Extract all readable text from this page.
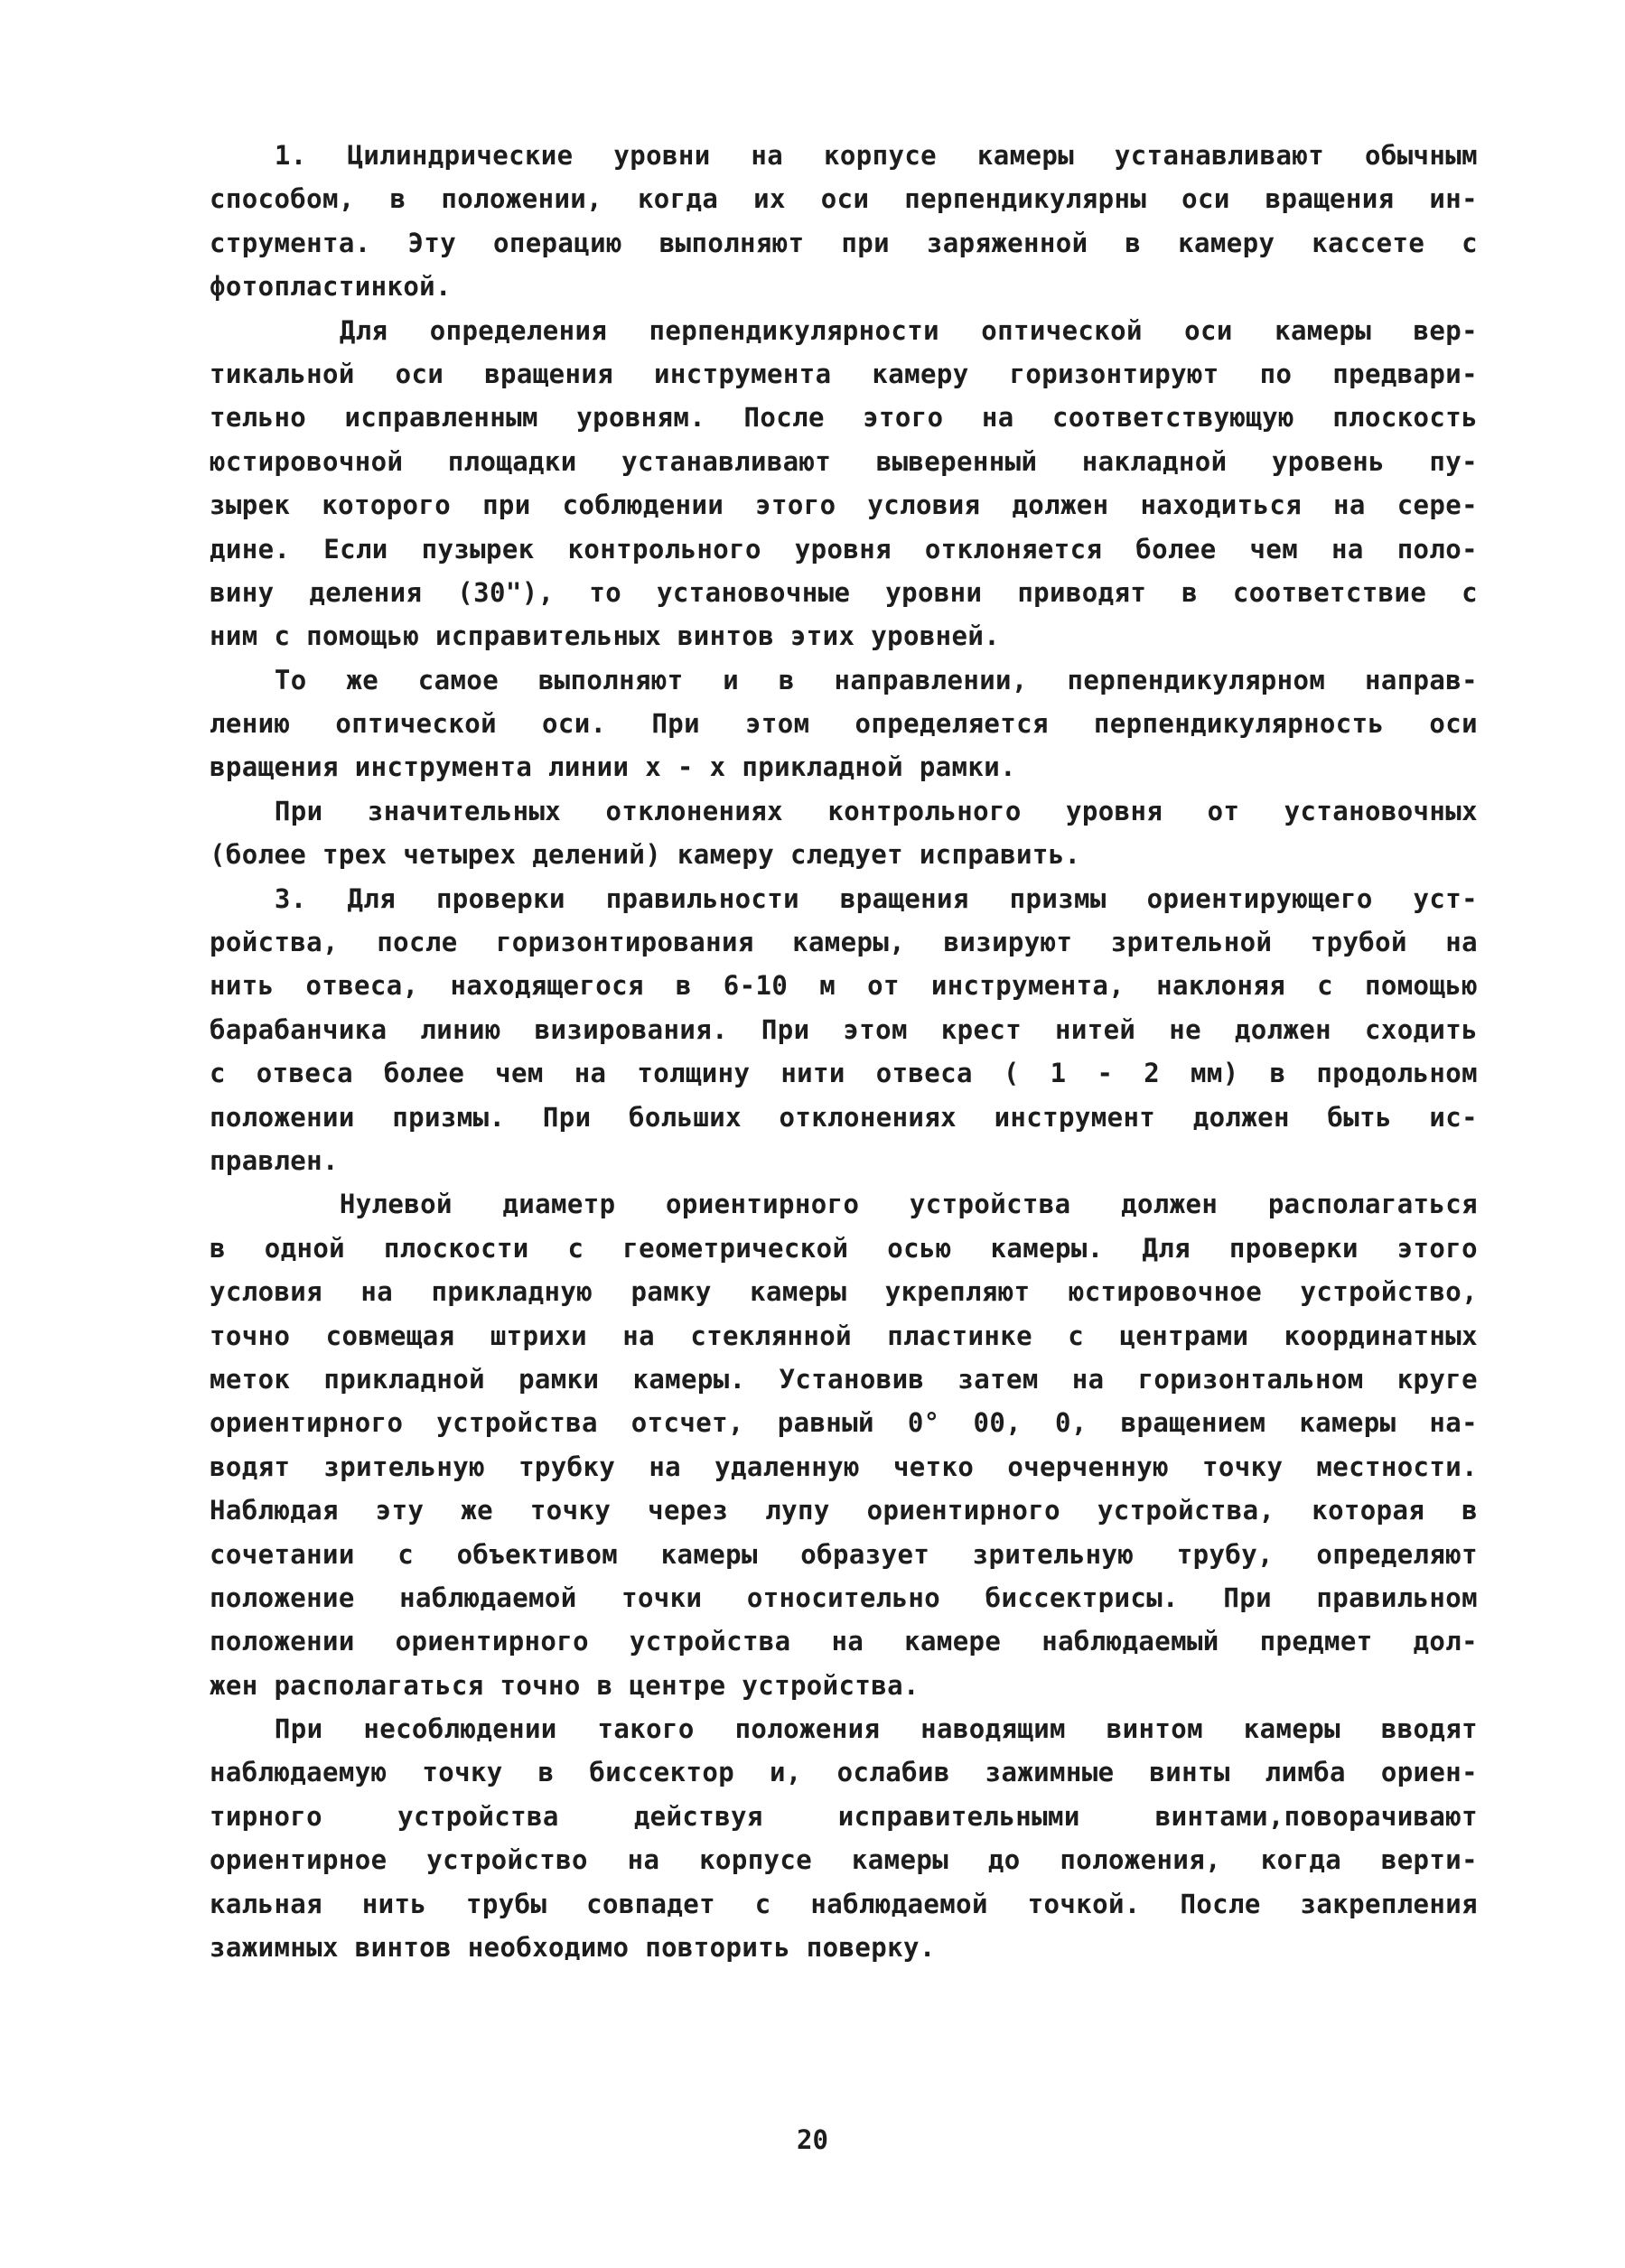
1. Цилиндрические уровни на корпусе камеры устанавливают обычным
способом, в положении, когда их оси перпендикулярны оси вращения ин-
струмента. Эту операцию выполняют при заряженной в камеру кассете с
фотопластинкой.
Для определения перпендикулярности оптической оси камеры вер-
тикальной оси вращения инструмента камеру горизонтируют по предвари-
тельно исправленным уровням. После этого на соответствующую плоскость
юстировочной площадки устанавливают выверенный накладной уровень пу-
зырек которого при соблюдении этого условия должен находиться на сере-
дине. Если пузырек контрольного уровня отклоняется более чем на поло-
вину деления (30"), то установочные уровни приводят в соответствие с
ним с помощью исправительных винтов этих уровней.
То же самое выполняют и в направлении, перпендикулярном направ-
лению оптической оси. При этом определяется перпендикулярность оси
вращения инструмента линии x - x прикладной рамки.
При значительных отклонениях контрольного уровня от установочных
(более трех четырех делений) камеру следует исправить.
3. Для проверки правильности вращения призмы ориентирующего уст-
ройства, после горизонтирования камеры, визируют зрительной трубой на
нить отвеса, находящегося в 6-10 м от инструмента, наклоняя с помощью
барабанчика линию визирования. При этом крест нитей не должен сходить
с отвеса более чем на толщину нити отвеса ( 1 - 2 мм) в продольном
положении призмы. При больших отклонениях инструмент должен быть ис-
правлен.
Нулевой диаметр ориентирного устройства должен располагаться
в одной плоскости с геометрической осью камеры. Для проверки этого
условия на прикладную рамку камеры укрепляют юстировочное устройство,
точно совмещая штрихи на стеклянной пластинке с центрами координатных
меток прикладной рамки камеры. Установив затем на горизонтальном круге
ориентирного устройства отсчет, равный 0° 00, 0, вращением камеры на-
водят зрительную трубку на удаленную четко очерченную точку местности.
Наблюдая эту же точку через лупу ориентирного устройства, которая в
сочетании с объективом камеры образует зрительную трубу, определяют
положение наблюдаемой точки относительно биссектрисы. При правильном
положении ориентирного устройства на камере наблюдаемый предмет дол-
жен располагаться точно в центре устройства.
При несоблюдении такого положения наводящим винтом камеры вводят
наблюдаемую точку в биссектор и, ослабив зажимные винты лимба ориен-
тирного устройства действуя исправительными винтами,поворачивают
ориентирное устройство на корпусе камеры до положения, когда верти-
кальная нить трубы совпадет с наблюдаемой точкой. После закрепления
зажимных винтов необходимо повторить поверку.
20
